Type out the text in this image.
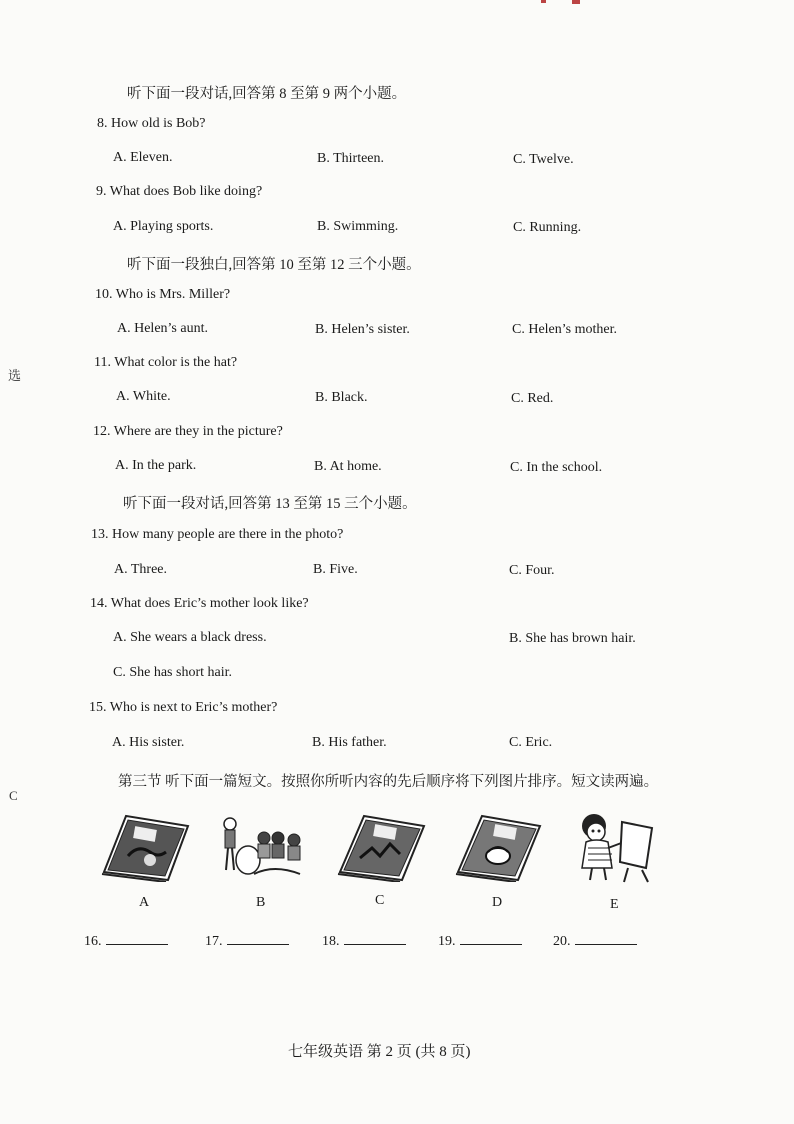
选
C
听下面一段对话,回答第 8 至第 9 两个小题。
8. How old is Bob?
A. Eleven.	B. Thirteen.	C. Twelve.
9. What does Bob like doing?
A. Playing sports.	B. Swimming.	C. Running.
听下面一段独白,回答第 10 至第 12 三个小题。
10. Who is Mrs. Miller?
A. Helen’s aunt.	B. Helen’s sister.	C. Helen’s mother.
11. What color is the hat?
A. White.	B. Black.	C. Red.
12. Where are they in the picture?
A. In the park.	B. At home.	C. In the school.
听下面一段对话,回答第 13 至第 15 三个小题。
13. How many people are there in the photo?
A. Three.	B. Five.	C. Four.
14. What does Eric’s mother look like?
A. She wears a black dress.	B. She has brown hair.
C. She has short hair.
15. Who is next to Eric’s mother?
A. His sister.	B. His father.	C. Eric.
第三节 听下面一篇短文。按照你所听内容的先后顺序将下列图片排序。短文读两遍。
A	B	C	D	E
16.	17.	18.	19.	20.
七年级英语 第 2 页 (共 8 页)
